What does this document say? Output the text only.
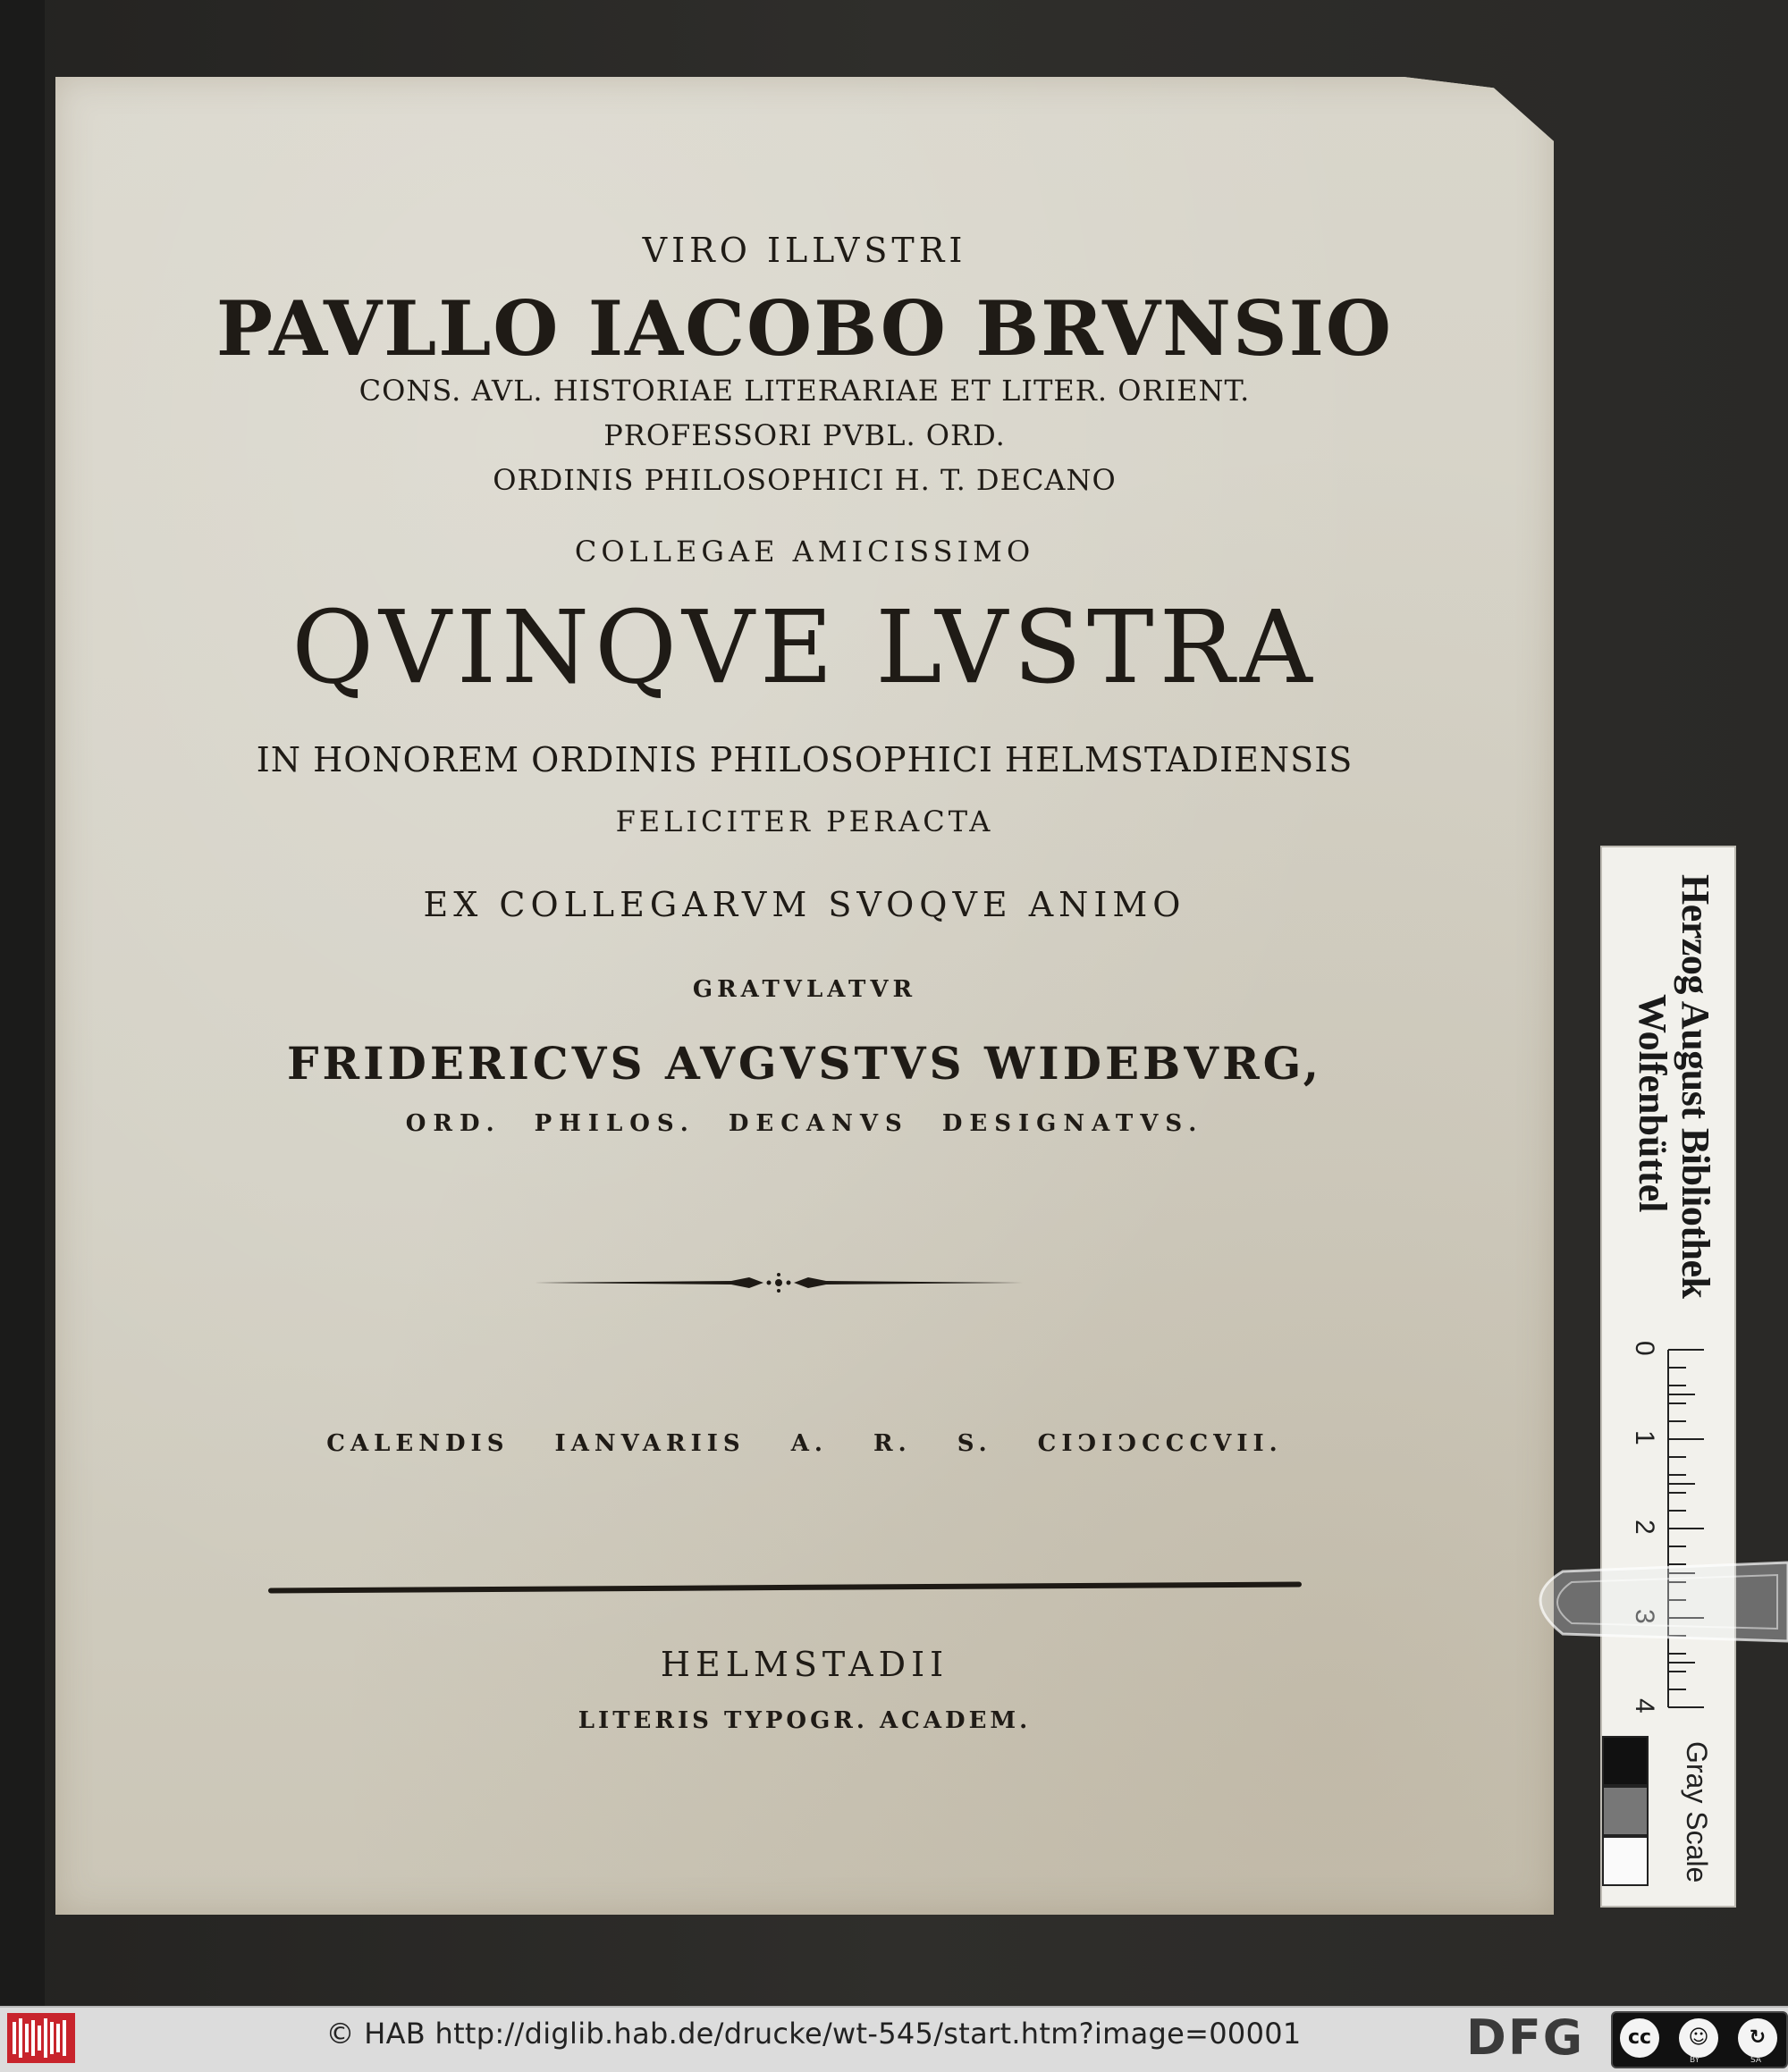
VIRO ILLVSTRI
PAVLLO IACOBO BRVNSIO
CONS. AVL. HISTORIAE LITERARIAE ET LITER. ORIENT.
PROFESSORI PVBL. ORD.
ORDINIS PHILOSOPHICI H. T. DECANO
COLLEGAE AMICISSIMO
QVINQVE LVSTRA
IN HONOREM ORDINIS PHILOSOPHICI HELMSTADIENSIS
FELICITER PERACTA
EX COLLEGARVM SVOQVE ANIMO
GRATVLATVR
FRIDERICVS AVGVSTVS WIDEBVRG,
ORD. PHILOS. DECANVS DESIGNATVS.
CALENDIS IANVARIIS A. R. S. CIↃIↃCCCVII.
HELMSTADII
LITERIS TYPOGR. ACADEM.
Herzog August Bibliothek
Wolfenbüttel
0
1
2
4
Gray Scale
© HAB http://diglib.hab.de/drucke/wt-545/start.htm?image=00001	DFG	cc	☺	↻
BY	SA
